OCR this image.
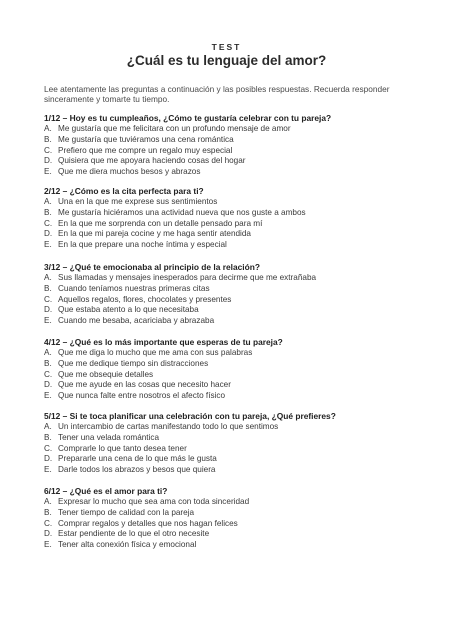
TEST
¿Cuál es tu lenguaje del amor?
Lee atentamente las preguntas a continuación y las posibles respuestas. Recuerda responder sinceramente y tomarte tu tiempo.
1/12 – Hoy es tu cumpleaños, ¿Cómo te gustaría celebrar con tu pareja?
A. Me gustaría que me felicitara con un profundo mensaje de amor
B. Me gustaría que tuviéramos una cena romántica
C. Prefiero que me compre un regalo muy especial
D. Quisiera que me apoyara haciendo cosas del hogar
E. Que me diera muchos besos y abrazos
2/12 – ¿Cómo es la cita perfecta para ti?
A. Una en la que me exprese sus sentimientos
B. Me gustaría hiciéramos una actividad nueva que nos guste a ambos
C. En la que me sorprenda con un detalle pensado para mí
D. En la que mi pareja cocine y me haga sentir atendida
E. En la que prepare una noche íntima y especial
3/12 – ¿Qué te emocionaba al principio de la relación?
A. Sus llamadas y mensajes inesperados para decirme que me extrañaba
B. Cuando teníamos nuestras primeras citas
C. Aquellos regalos, flores, chocolates y presentes
D. Que estaba atento a lo que necesitaba
E. Cuando me besaba, acariciaba y abrazaba
4/12 – ¿Qué es lo más importante que esperas de tu pareja?
A. Que me diga lo mucho que me ama con sus palabras
B. Que me dedique tiempo sin distracciones
C. Que me obsequie detalles
D. Que me ayude en las cosas que necesito hacer
E. Que nunca falte entre nosotros el afecto físico
5/12 – Si te toca planificar una celebración con tu pareja, ¿Qué prefieres?
A. Un intercambio de cartas manifestando todo lo que sentimos
B. Tener una velada romántica
C. Comprarle lo que tanto desea tener
D. Prepararle una cena de lo que más le gusta
E. Darle todos los abrazos y besos que quiera
6/12 – ¿Qué es el amor para ti?
A. Expresar lo mucho que sea ama con toda sinceridad
B. Tener tiempo de calidad con la pareja
C. Comprar regalos y detalles que nos hagan felices
D. Estar pendiente de lo que el otro necesite
E. Tener alta conexión física y emocional
